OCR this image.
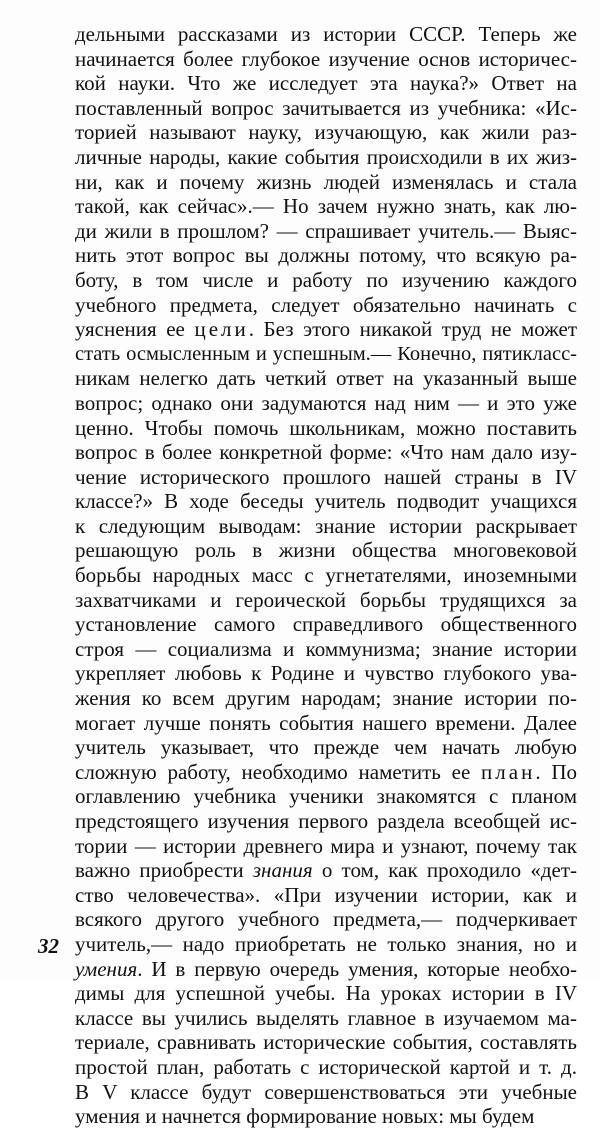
дельными рассказами из истории СССР. Теперь же
начинается более глубокое изучение основ историчес-
кой науки. Что же исследует эта наука?» Ответ на
поставленный вопрос зачитывается из учебника: «Ис-
торией называют науку, изучающую, как жили раз-
личные народы, какие события происходили в их жиз-
ни, как и почему жизнь людей изменялась и стала
такой, как сейчас».— Но зачем нужно знать, как лю-
ди жили в прошлом? — спрашивает учитель.— Выяс-
нить этот вопрос вы должны потому, что всякую ра-
боту, в том числе и работу по изучению каждого
учебного предмета, следует обязательно начинать с
уяснения ее цели. Без этого никакой труд не может
стать осмысленным и успешным.— Конечно, пятикласс-
никам нелегко дать четкий ответ на указанный выше
вопрос; однако они задумаются над ним — и это уже
ценно. Чтобы помочь школьникам, можно поставить
вопрос в более конкретной форме: «Что нам дало изу-
чение исторического прошлого нашей страны в IV
классе?» В ходе беседы учитель подводит учащихся
к следующим выводам: знание истории раскрывает
решающую роль в жизни общества многовековой
борьбы народных масс с угнетателями, иноземными
захватчиками и героической борьбы трудящихся за
установление самого справедливого общественного
строя — социализма и коммунизма; знание истории
укрепляет любовь к Родине и чувство глубокого ува-
жения ко всем другим народам; знание истории по-
могает лучше понять события нашего времени. Далее
учитель указывает, что прежде чем начать любую
сложную работу, необходимо наметить ее план. По
оглавлению учебника ученики знакомятся с планом
предстоящего изучения первого раздела всеобщей ис-
тории — истории древнего мира и узнают, почему так
важно приобрести знания о том, как проходило «дет-
ство человечества». «При изучении истории, как и
всякого другого учебного предмета,— подчеркивает
учитель,— надо приобретать не только знания, но и
умения. И в первую очередь умения, которые необхо-
димы для успешной учебы. На уроках истории в IV
классе вы учились выделять главное в изучаемом ма-
териале, сравнивать исторические события, составлять
простой план, работать с исторической картой и т. д.
В V классе будут совершенствоваться эти учебные
умения и начнется формирование новых: мы будем
32
